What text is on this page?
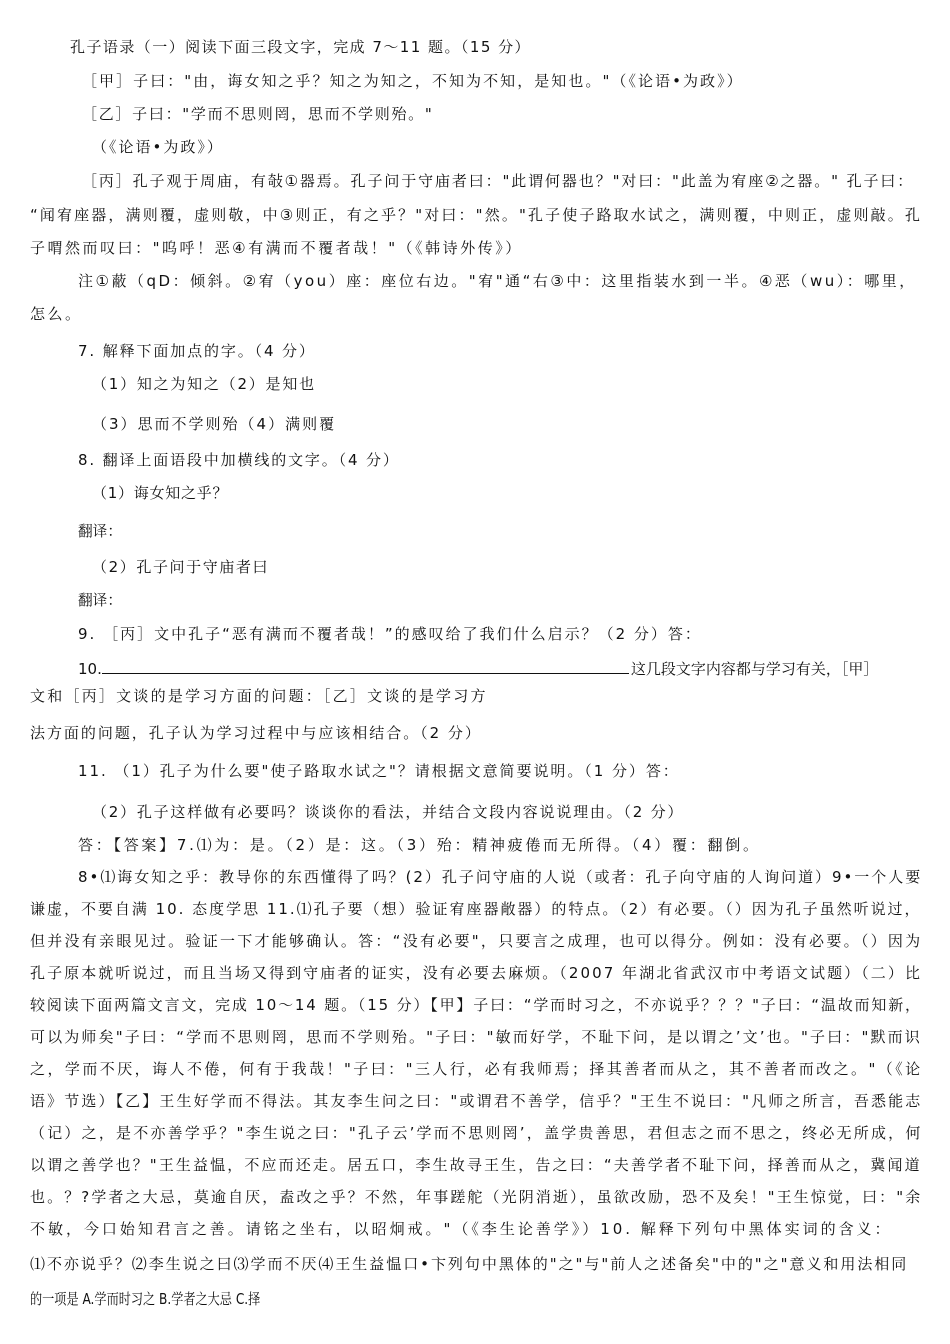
孔子语录（一）阅读下面三段文字，完成 7～11 题。（15 分）
［甲］子曰："由，诲女知之乎？知之为知之，不知为不知，是知也。"（《论语•为政》）
［乙］子曰："学而不思则罔，思而不学则殆。"
（《论语•为政》）
［丙］孔子观于周庙，有敧①器焉。孔子问于守庙者曰："此谓何器也？"对曰："此盖为宥座②之器。" 孔子曰：
“闻宥座器，满则覆，虚则敬，中③则正，有之乎？"对曰："然。"孔子使子路取水试之，满则覆，中则正，虚则敲。孔
子喟然而叹曰："呜呼！恶④有满而不覆者哉！"（《韩诗外传》）
注①蔽（qD：倾斜。②宥（you）座：座位右边。"宥"通“右③中：这里指装水到一半。④恶（wu）：哪里，
怎么。
7. 解释下面加点的字。（4 分）
（1）知之为知之（2）是知也
（3）思而不学则殆（4）满则覆
8. 翻译上面语段中加横线的文字。（4 分）
（1）诲女知之乎？
翻译：
（2）孔子问于守庙者曰
翻译：
9. ［丙］文中孔子“恶有满而不覆者哉！”的感叹给了我们什么启示？（2 分）答：
10.	这几段文字内容都与学习有关，［甲］
文和［丙］文谈的是学习方面的问题：［乙］文谈的是学习方
法方面的问题，孔子认为学习过程中与应该相结合。（2 分）
11. （1）孔子为什么要"使子路取水试之"？请根据文意简要说明。（1 分）答：
（2）孔子这样做有必要吗？谈谈你的看法，并结合文段内容说说理由。（2 分）
答：【答案】7.⑴为：是。（2）是：这。（3）殆：精神疲倦而无所得。（4）覆：翻倒。
8•⑴诲女知之乎：教导你的东西懂得了吗？(2）孔子问守庙的人说（或者：孔子向守庙的人询问道）9•一个人要
谦虚，不要自满 10. 态度学思 11.⑴孔子要（想）验证宥座器敞器）的特点。（2）有必要。（）因为孔子虽然听说过，
但并没有亲眼见过。验证一下才能够确认。答：“没有必要"，只要言之成理，也可以得分。例如：没有必要。（）因为
孔子原本就听说过，而且当场又得到守庙者的证实，没有必要去麻烦。（2007 年湖北省武汉市中考语文试题）（二）比
较阅读下面两篇文言文，完成 10～14 题。（15 分）【甲】子曰：“学而时习之，不亦说乎？？？"子曰：“温故而知新，
可以为师矣"子曰：“学而不思则罔，思而不学则殆。"子曰："敏而好学，不耻下问，是以谓之’文’也。"子曰："默而识
之，学而不厌，诲人不倦，何有于我哉！"子曰："三人行，必有我师焉；择其善者而从之，其不善者而改之。"（《论
语》节选）【乙】王生好学而不得法。其友李生问之曰："或谓君不善学，信乎？"王生不说曰："凡师之所言，吾悉能志
（记）之，是不亦善学乎？"李生说之曰："孔子云’学而不思则罔’，盖学贵善思，君但志之而不思之，终必无所成，何
以谓之善学也？"王生益愠，不应而还走。居五口，李生故寻王生，告之曰：“夫善学者不耻下问，择善而从之，冀闻道
也。？?学者之大忌，莫逾自厌，盍改之乎？不然，年事蹉舵（光阴消逝），虽欲改励，恐不及矣！"王生惊觉，曰："余
不敏，今口始知君言之善。请铭之坐右，以昭炯戒。"（《李生论善学》）10. 解释下列句中黑体实词的含义：
⑴不亦说乎？⑵李生说之曰⑶学而不厌⑷王生益愠口•卞列句中黑体的"之"与"前人之述备矣"中的"之"意义和用法相同
的一项是 A.学而时习之 B.学者之大忌 C.择
